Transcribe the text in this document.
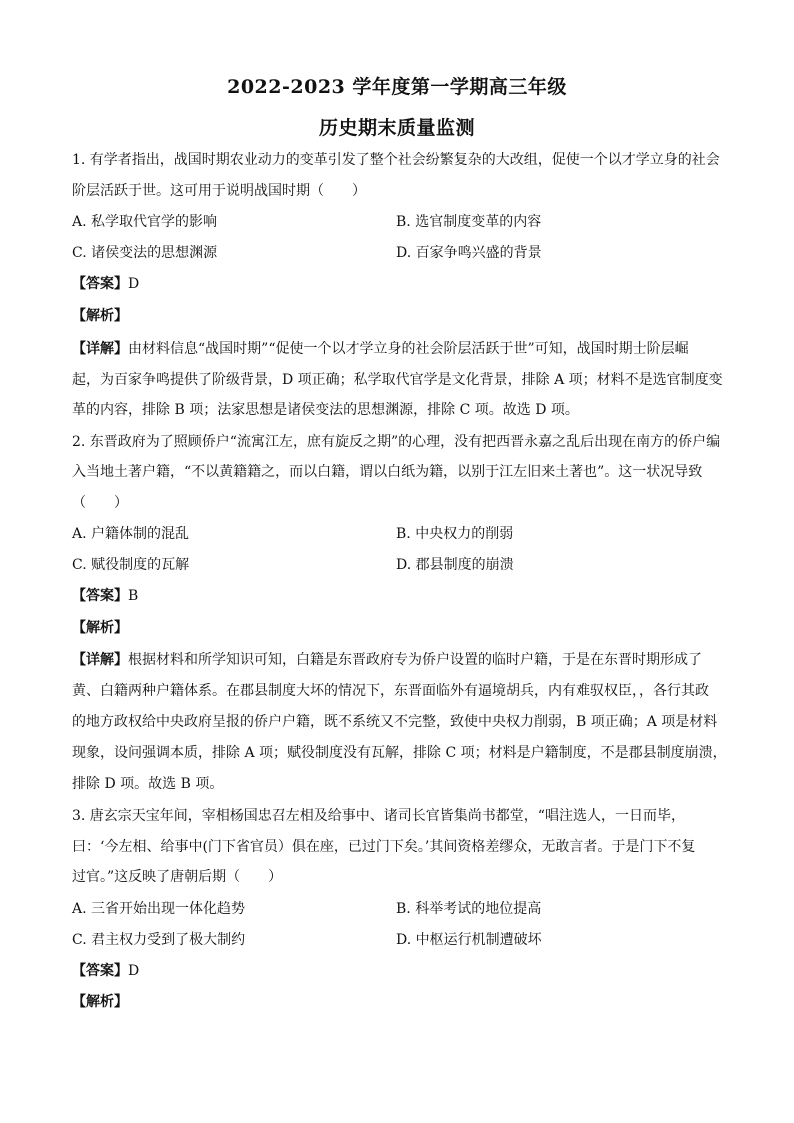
2022-2023 学年度第一学期高三年级
历史期末质量监测
1. 有学者指出，战国时期农业动力的变革引发了整个社会纷繁复杂的大改组，促使一个以才学立身的社会
阶层活跃于世。这可用于说明战国时期（　　）
A. 私学取代官学的影响	B. 选官制度变革的内容
C. 诸侯变法的思想渊源	D. 百家争鸣兴盛的背景
【答案】D
【解析】
【详解】由材料信息“战国时期”“促使一个以才学立身的社会阶层活跃于世”可知，战国时期士阶层崛
起，为百家争鸣提供了阶级背景，D 项正确；私学取代官学是文化背景，排除 A 项；材料不是选官制度变
革的内容，排除 B 项；法家思想是诸侯变法的思想渊源，排除 C 项。故选 D 项。
2. 东晋政府为了照顾侨户“流寓江左，庶有旋反之期”的心理，没有把西晋永嘉之乱后出现在南方的侨户编
入当地土著户籍，“不以黄籍籍之，而以白籍，谓以白纸为籍，以别于江左旧来土著也”。这一状况导致
（　　）
A. 户籍体制的混乱	B. 中央权力的削弱
C. 赋役制度的瓦解	D. 郡县制度的崩溃
【答案】B
【解析】
【详解】根据材料和所学知识可知，白籍是东晋政府专为侨户设置的临时户籍，于是在东晋时期形成了
黄、白籍两种户籍体系。在郡县制度大坏的情况下，东晋面临外有逼境胡兵，内有难驭权臣，，各行其政
的地方政权给中央政府呈报的侨户户籍，既不系统又不完整，致使中央权力削弱，B 项正确；A 项是材料
现象，设问强调本质，排除 A 项；赋役制度没有瓦解，排除 C 项；材料是户籍制度，不是郡县制度崩溃，
排除 D 项。故选 B 项。
3. 唐玄宗天宝年间，宰相杨国忠召左相及给事中、诸司长官皆集尚书都堂，“唱注选人，一日而毕，
曰：‘今左相、给事中(门下省官员）俱在座，已过门下矣。’其间资格差缪众，无敢言者。于是门下不复
过官。”这反映了唐朝后期（　　）
A. 三省开始出现一体化趋势	B. 科举考试的地位提高
C. 君主权力受到了极大制约	D. 中枢运行机制遭破坏
【答案】D
【解析】
